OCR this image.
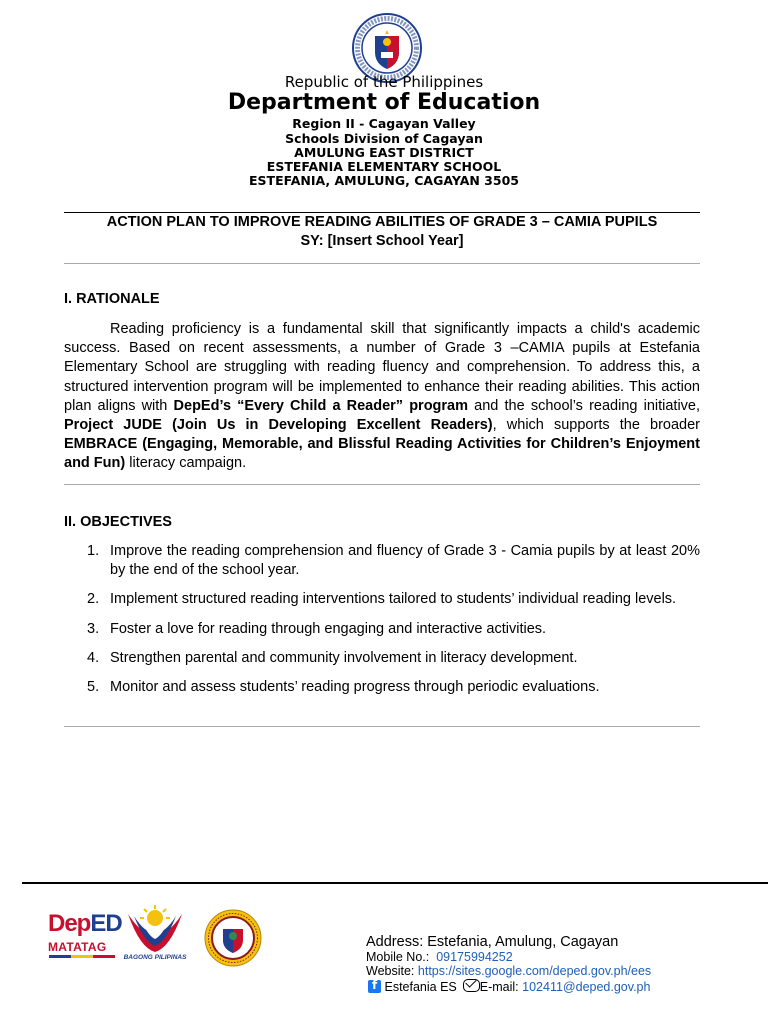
Republic of the Philippines
Department of Education
Region II - Cagayan Valley
Schools Division of Cagayan
AMULUNG EAST DISTRICT
ESTEFANIA ELEMENTARY SCHOOL
ESTEFANIA, AMULUNG, CAGAYAN 3505
ACTION PLAN TO IMPROVE READING ABILITIES OF GRADE 3 – CAMIA PUPILS
SY: [Insert School Year]
I. RATIONALE
Reading proficiency is a fundamental skill that significantly impacts a child's academic success. Based on recent assessments, a number of Grade 3 –CAMIA pupils at Estefania Elementary School are struggling with reading fluency and comprehension. To address this, a structured intervention program will be implemented to enhance their reading abilities. This action plan aligns with DepEd’s “Every Child a Reader” program and the school’s reading initiative, Project JUDE (Join Us in Developing Excellent Readers), which supports the broader EMBRACE (Engaging, Memorable, and Blissful Reading Activities for Children’s Enjoyment and Fun) literacy campaign.
II. OBJECTIVES
1. Improve the reading comprehension and fluency of Grade 3 - Camia pupils by at least 20% by the end of the school year.
2. Implement structured reading interventions tailored to students’ individual reading levels.
3. Foster a love for reading through engaging and interactive activities.
4. Strengthen parental and community involvement in literacy development.
5. Monitor and assess students’ reading progress through periodic evaluations.
DepED
MATATAG
BAGONG PILIPINAS
Address: Estefania, Amulung, Cagayan
Mobile No.: 09175994252
Website: https://sites.google.com/deped.gov.ph/ees
f Estefania ES E-mail: 102411@deped.gov.ph
